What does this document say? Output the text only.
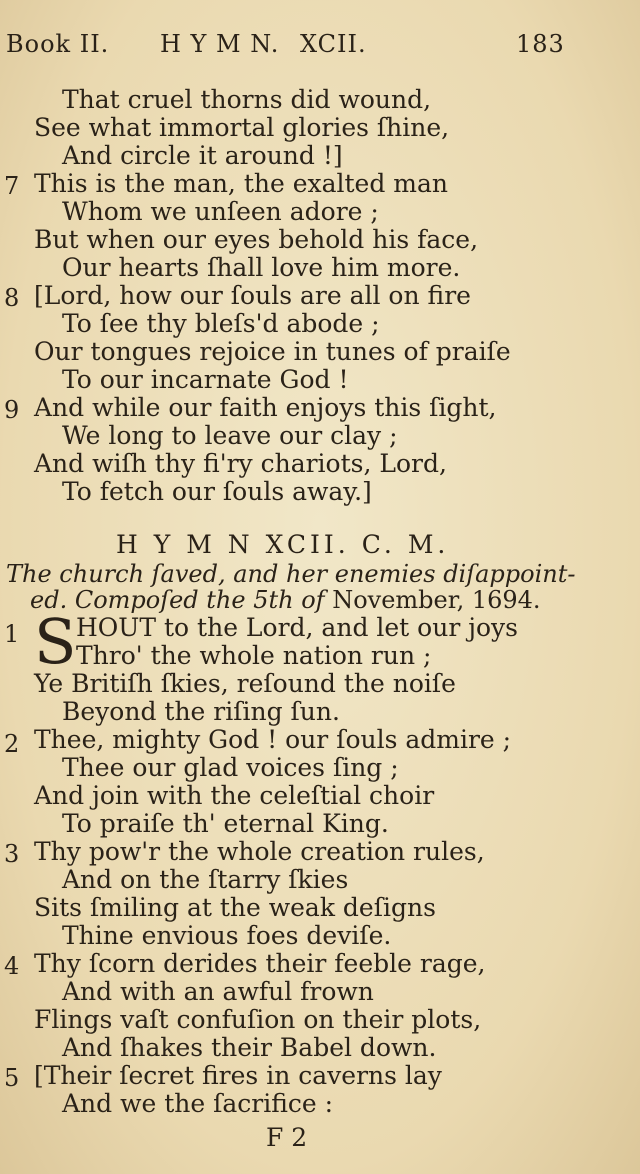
Book II. H Y M N. XCII.	183
That cruel thorns did wound,
See what immortal glories ſhine,
And circle it around !]
7 This is the man, the exalted man
Whom we unſeen adore ;
But when our eyes behold his face,
Our hearts ſhall love him more.
8 [Lord, how our ſouls are all on fire
To ſee thy bleſs'd abode ;
Our tongues rejoice in tunes of praiſe
To our incarnate God !
9 And while our faith enjoys this ſight,
We long to leave our clay ;
And wiſh thy fi'ry chariots, Lord,
To fetch our ſouls away.]
H Y M N XCII. C. M.
The church ſaved, and her enemies diſappoint-
ed. Compoſed the 5th of November, 1694.
1 S HOUT to the Lord, and let our joys
Thro' the whole nation run ;
Ye Britiſh ſkies, reſound the noiſe
Beyond the riſing ſun.
2 Thee, mighty God ! our ſouls admire ;
Thee our glad voices ſing ;
And join with the celeſtial choir
To praiſe th' eternal King.
3 Thy pow'r the whole creation rules,
And on the ſtarry ſkies
Sits ſmiling at the weak deſigns
Thine envious foes deviſe.
4 Thy ſcorn derides their feeble rage,
And with an awful frown
Flings vaſt confuſion on their plots,
And ſhakes their Babel down.
5 [Their ſecret fires in caverns lay
And we the ſacrifice :
F 2
